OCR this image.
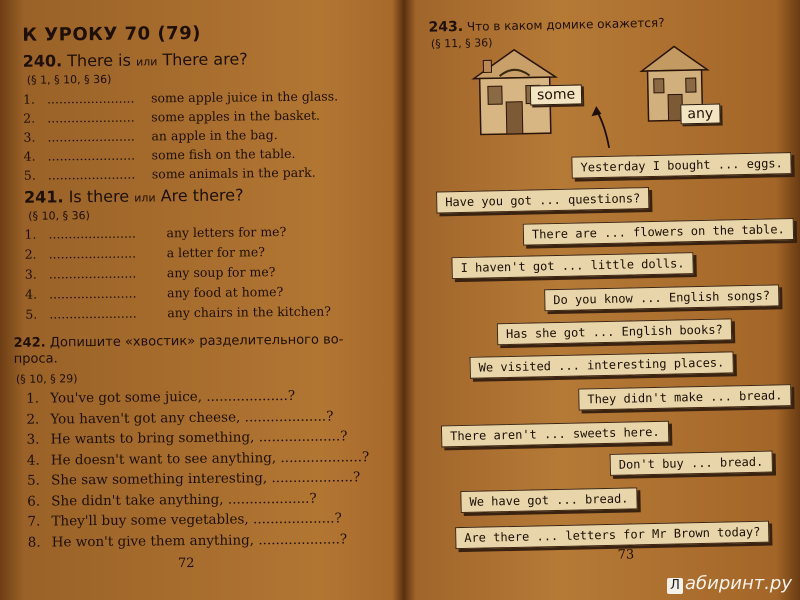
К УРОКУ 70 (79)
240. There is или There are?
(§ 1, § 10, § 36)
1. ...................... some apple juice in the glass.
2. ...................... some apples in the basket.
3. ...................... an apple in the bag.
4. ...................... some fish on the table.
5. ...................... some animals in the park.
241. Is there или Are there?
(§ 10, § 36)
1. ...................... any letters for me?
2. ...................... a letter for me?
3. ...................... any soup for me?
4. ...................... any food at home?
5. ...................... any chairs in the kitchen?
242. Допишите «хвостик» разделительного во-
проса.
(§ 10, § 29)
1. You've got some juice, ...................?
2. You haven't got any cheese, ...................?
3. He wants to bring something, ...................?
4. He doesn't want to see anything, ...................?
5. She saw something interesting, ...................?
6. She didn't take anything, ...................?
7. They'll buy some vegetables, ...................?
8. He won't give them anything, ...................?
72
243. Что в каком домике окажется?
(§ 11, § 36)
some
any
Yesterday I bought ... eggs.
Have you got ... questions?
There are ... flowers on the table.
I haven't got ... little dolls.
Do you know ... English songs?
Has she got ... English books?
We visited ... interesting places.
They didn't make ... bread.
There aren't ... sweets here.
Don't buy ... bread.
We have got ... bread.
Are there ... letters for Mr Brown today?
73
Л абиринт.ру
